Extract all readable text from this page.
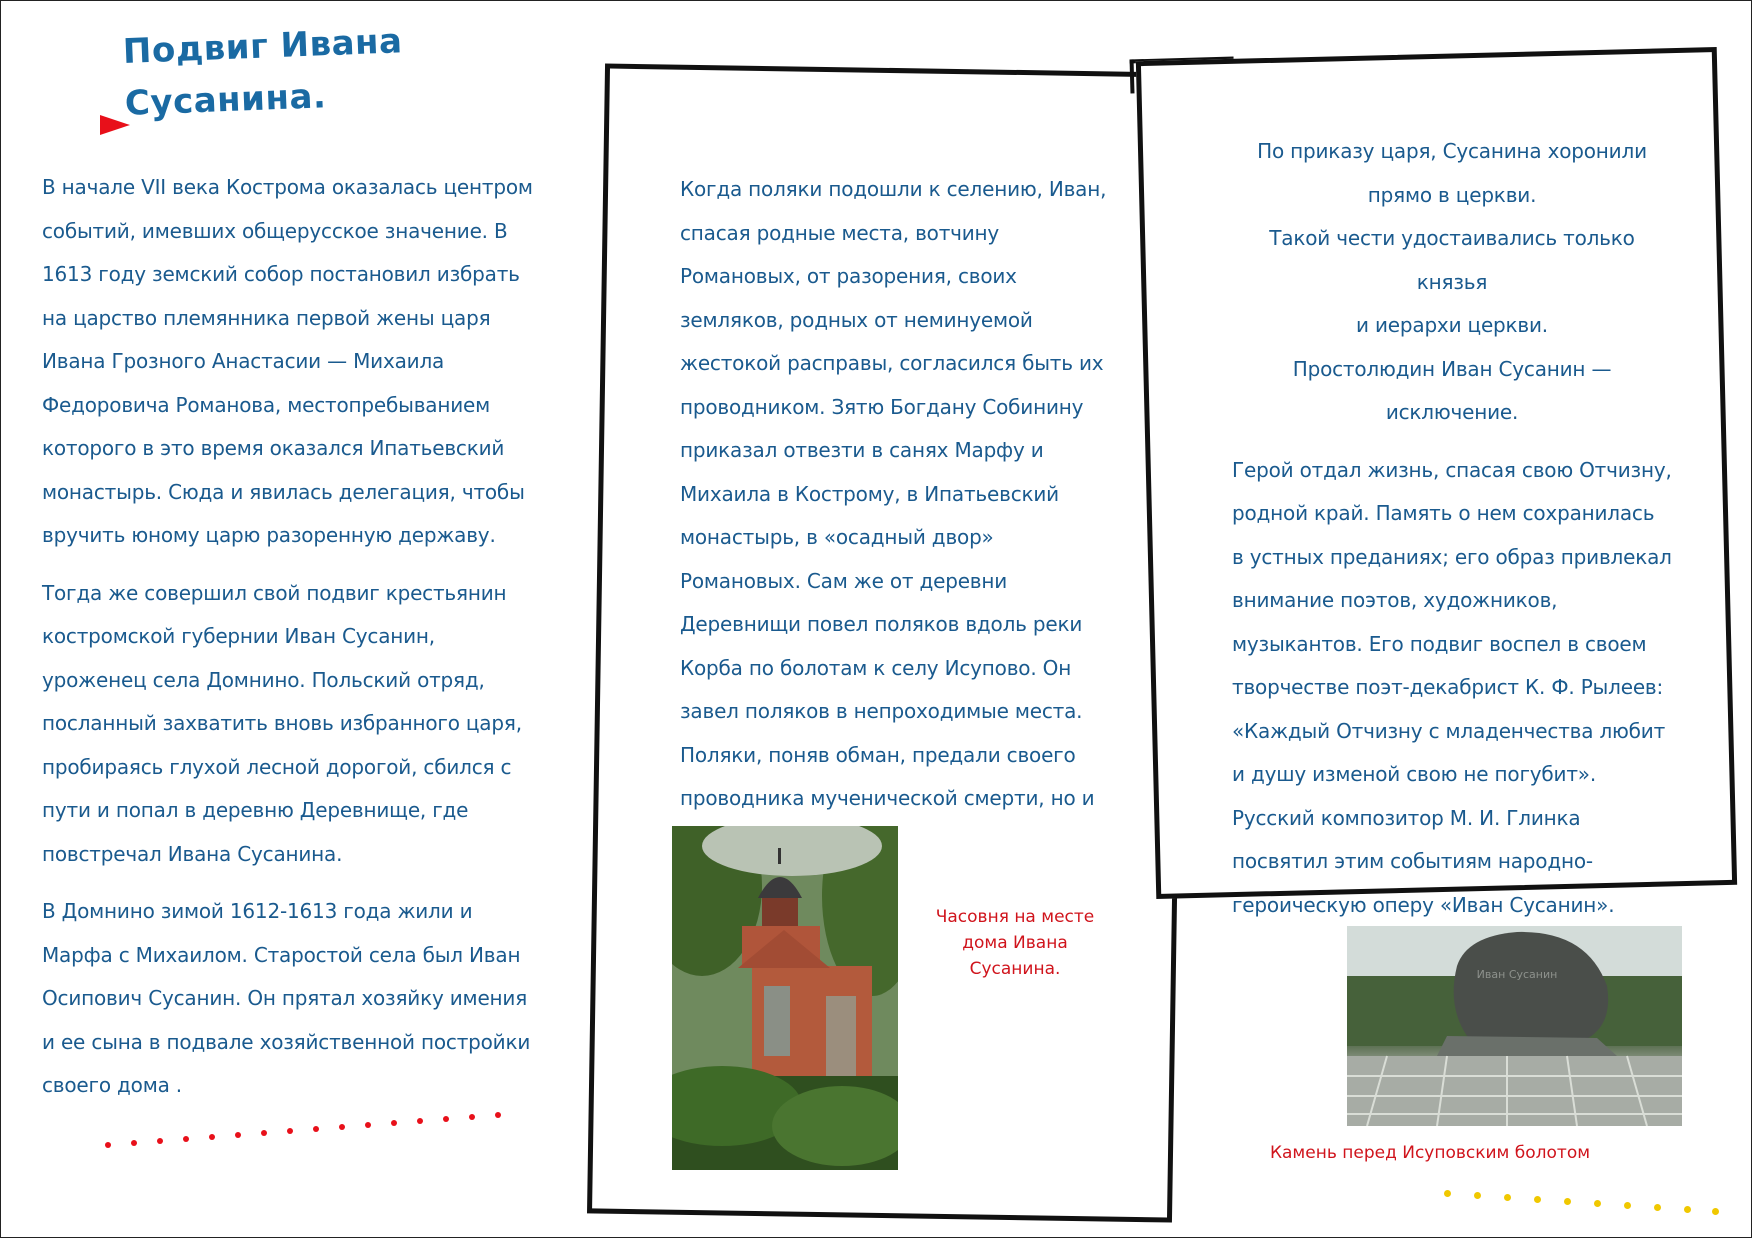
Подвиг Ивана
Сусанина.

В начале VII века Кострома оказалась центром событий, имевших общерусское значение. В 1613 году земский собор постановил избрать на царство племянника первой жены царя Ивана Грозного Анастасии — Михаила Федоровича Романова, местопребыванием которого в это время оказался Ипатьевский монастырь. Сюда и явилась делегация, чтобы вручить юному царю разоренную державу.

Тогда же совершил свой подвиг крестьянин костромской губернии Иван Сусанин, уроженец села Домнино. Польский отряд, посланный захватить вновь избранного царя, пробираясь глухой лесной дорогой, сбился с пути и попал в деревню Деревнище, где повстречал Ивана Сусанина.

В Домнино зимой 1612-1613 года жили и Марфа с Михаилом. Старостой села был Иван Осипович Сусанин. Он прятал хозяйку имения и ее сына в подвале хозяйственной постройки своего дома .

Когда поляки подошли к селению, Иван, спасая родные места, вотчину Романовых, от разорения, своих земляков, родных от неминуемой жестокой расправы, согласился быть их проводником. Зятю Богдану Собинину приказал отвезти в санях Марфу и Михаила в Кострому, в Ипатьевский монастырь, в «осадный двор» Романовых. Сам же от деревни Деревнищи повел поляков вдоль реки Корба по болотам к селу Исупово. Он завел поляков в непроходимые места. Поляки, поняв обман, предали своего проводника мученической смерти, но и

Часовня на месте дома Ивана Сусанина.

По приказу царя, Сусанина хоронили

прямо в церкви.

Такой чести удостаивались только князья

и иерархи церкви.

Простолюдин Иван Сусанин —

исключение.

Герой отдал жизнь, спасая свою Отчизну, родной край. Память о нем сохранилась в устных преданиях; его образ привлекал внимание поэтов, художников, музыкантов. Его подвиг воспел в своем творчестве поэт-декабрист К. Ф. Рылеев: «Каждый Отчизну с младенчества любит и душу изменой свою не погубит». Русский композитор М. И. Глинка посвятил этим событиям народно-героическую оперу «Иван Сусанин».

Иван Сусанин
Камень перед Исуповским болотом
